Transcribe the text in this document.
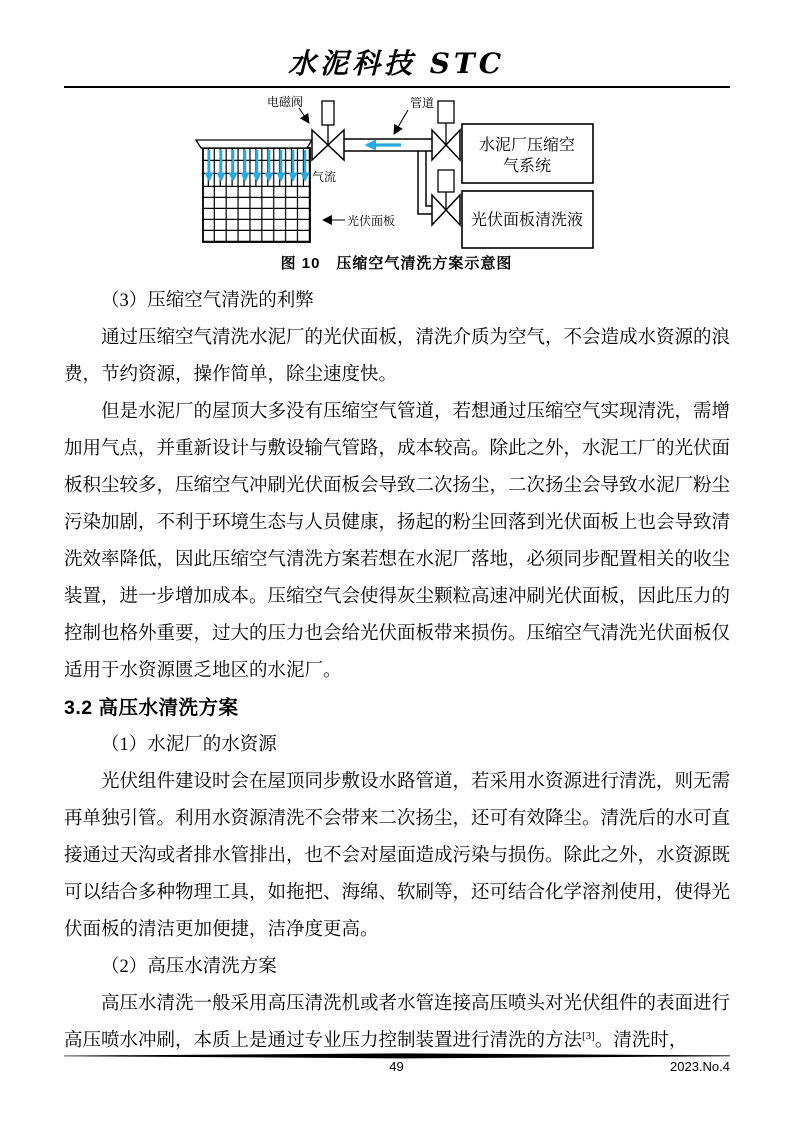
水泥科技 STC
水泥厂压缩空
气系统
光伏面板清洗液
电磁阀	管道
气流
光伏面板
图 10　压缩空气清洗方案示意图

（3）压缩空气清洗的利弊

通过压缩空气清洗水泥厂的光伏面板，清洗介质为空气，不会造成水资源的浪费，节约资源，操作简单，除尘速度快。

但是水泥厂的屋顶大多没有压缩空气管道，若想通过压缩空气实现清洗，需增加用气点，并重新设计与敷设输气管路，成本较高。除此之外，水泥工厂的光伏面板积尘较多，压缩空气冲刷光伏面板会导致二次扬尘，二次扬尘会导致水泥厂粉尘污染加剧，不利于环境生态与人员健康，扬起的粉尘回落到光伏面板上也会导致清洗效率降低，因此压缩空气清洗方案若想在水泥厂落地，必须同步配置相关的收尘装置，进一步增加成本。压缩空气会使得灰尘颗粒高速冲刷光伏面板，因此压力的控制也格外重要，过大的压力也会给光伏面板带来损伤。压缩空气清洗光伏面板仅适用于水资源匮乏地区的水泥厂。

3.2 高压水清洗方案

（1）水泥厂的水资源

光伏组件建设时会在屋顶同步敷设水路管道，若采用水资源进行清洗，则无需再单独引管。利用水资源清洗不会带来二次扬尘，还可有效降尘。清洗后的水可直接通过天沟或者排水管排出，也不会对屋面造成污染与损伤。除此之外，水资源既可以结合多种物理工具，如拖把、海绵、软刷等，还可结合化学溶剂使用，使得光伏面板的清洁更加便捷，洁净度更高。

（2）高压水清洗方案

高压水清洗一般采用高压清洗机或者水管连接高压喷头对光伏组件的表面进行高压喷水冲刷，本质上是通过专业压力控制装置进行清洗的方法[3]。清洗时，

49	2023.No.4
